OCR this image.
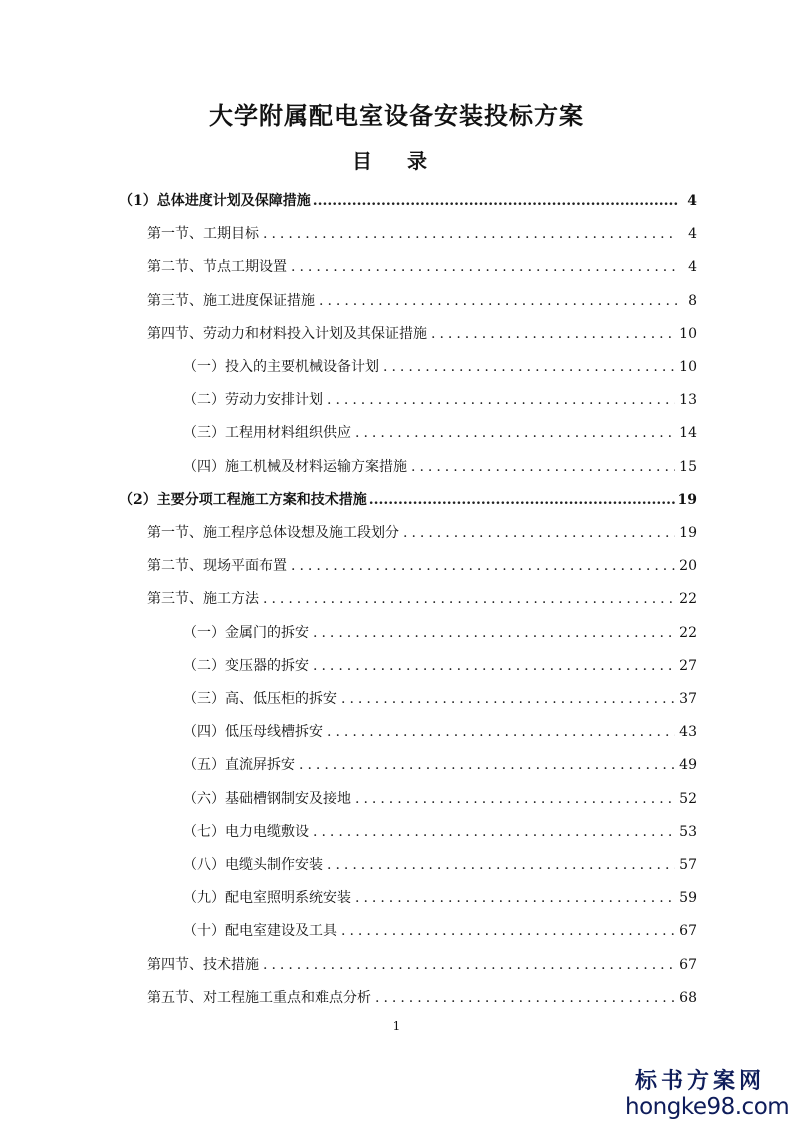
大学附属配电室设备安装投标方案
目 录
（1）总体进度计划及保障措施 .....	4
第一节、工期目标 .....	4
第二节、节点工期设置 .....	4
第三节、施工进度保证措施 .....	8
第四节、劳动力和材料投入计划及其保证措施 .....	10
（一）投入的主要机械设备计划 .....	10
（二）劳动力安排计划 .....	13
（三）工程用材料组织供应 .....	14
（四）施工机械及材料运输方案措施 .....	15
（2）主要分项工程施工方案和技术措施 .....	19
第一节、施工程序总体设想及施工段划分 .....	19
第二节、现场平面布置 .....	20
第三节、施工方法 .....	22
（一）金属门的拆安 .....	22
（二）变压器的拆安 .....	27
（三）高、低压柜的拆安 .....	37
（四）低压母线槽拆安 .....	43
（五）直流屏拆安 .....	49
（六）基础槽钢制安及接地 .....	52
（七）电力电缆敷设 .....	53
（八）电缆头制作安装 .....	57
（九）配电室照明系统安装 .....	59
（十）配电室建设及工具 .....	67
第四节、技术措施 .....	67
第五节、对工程施工重点和难点分析 .....	68
1
标书方案网
hongke98.com
